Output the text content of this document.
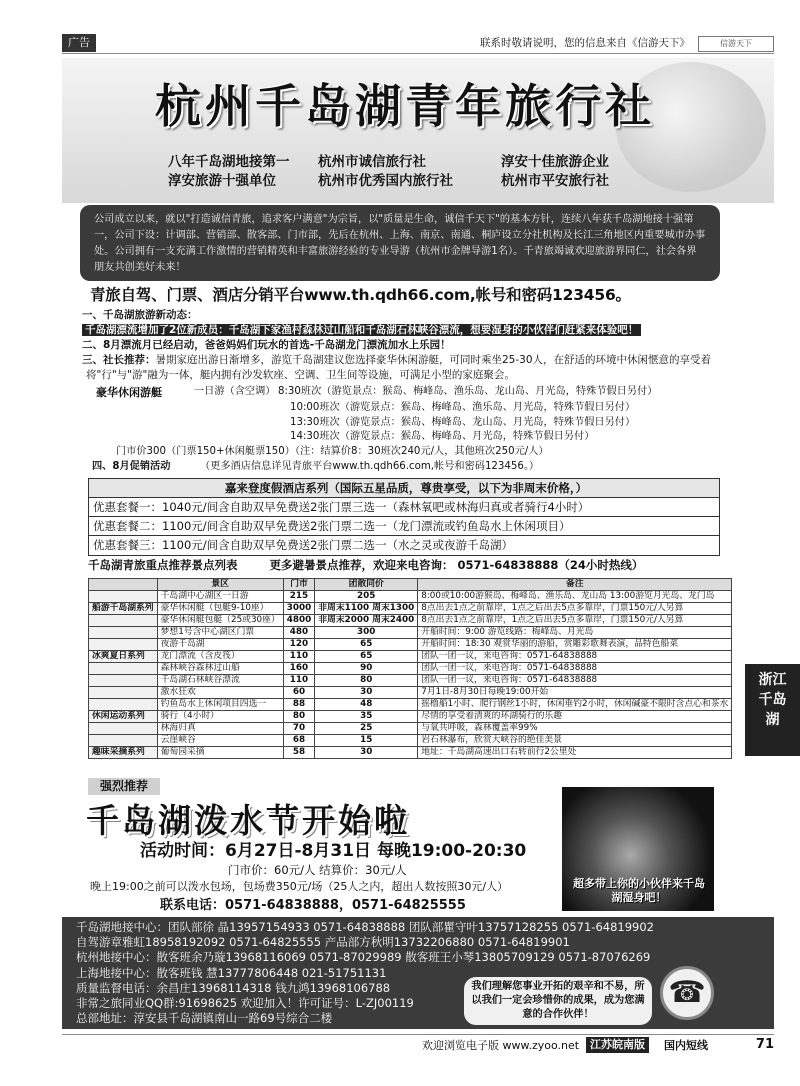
广告	联系时敬请说明，您的信息来自《信游天下》	信游天下
杭州千岛湖青年旅行社
八年千岛湖地接第一 杭州市诚信旅行社	淳安十佳旅游企业
淳安旅游十强单位	杭州市优秀国内旅行社	杭州市平安旅行社
公司成立以来，就以"打造诚信青旅，追求客户满意"为宗旨，以"质量是生命，诚信千天下"的基本方针，连续八年获千岛湖地接十强第一，公司下设：计调部、营销部、散客部、门市部，先后在杭州、上海、南京、南通、桐庐设立分社机构及长江三角地区内重要城市办事处。公司拥有一支充满工作激情的营销精英和丰富旅游经验的专业导游（杭州市金牌导游1名）。千青旅竭诚欢迎旅游界同仁，社会各界朋友共创美好未来！
青旅自驾、门票、酒店分销平台www.th.qdh66.com,帐号和密码123456。
一、千岛湖旅游新动态：
千岛湖漂流增加了2位新成员：千岛湖下家渔村森林过山船和千岛湖石林峡谷漂流，想要湿身的小伙伴们赶紧来体验吧！
二、8月漂流月已经启动，爸爸妈妈们玩水的首选-千岛湖龙门漂流加水上乐园！
三、社长推荐：暑期家庭出游日渐增多，游览千岛湖建议您选择豪华休闲游艇，可同时乘坐25-30人，在舒适的环境中休闲惬意的享受着
将"行"与"游"融为一体，艇内拥有沙发软座、空调、卫生间等设施，可满足小型的家庭聚会。
豪华休闲游艇	一日游（含空调） 8:30班次（游览景点：猴岛、梅峰岛、渔乐岛、龙山岛、月光岛，特殊节假日另付）
10:00班次（游览景点：猴岛、梅峰岛、渔乐岛、月光岛，特殊节假日另付）
13:30班次（游览景点：猴岛、梅峰岛、龙山岛、月光岛，特殊节假日另付）
14:30班次（游览景点：猴岛、梅峰岛、月光岛，特殊节假日另付）
门市价300（门票150+休闲艇票150）（注：结算价8：30班次240元/人，其他班次250元/人）
四、8月促销活动	（更多酒店信息详见青旅平台www.th.qdh66.com,帐号和密码123456。）
嘉来登度假酒店系列（国际五星品质，尊贵享受，以下为非周末价格，）
优惠套餐一：1040元/间含自助双早免费送2张门票三选一（森林氧吧或林海归真或者骑行4小时）
优惠套餐二：1100元/间含自助双早免费送2张门票二选一（龙门漂流或钓鱼岛水上休闲项目）
优惠套餐三：1100元/间含自助双早免费送2张门票二选一（水之灵或夜游千岛湖）
千岛湖青旅重点推荐景点列表	更多避暑景点推荐，欢迎来电咨询： 0571-64838888（24小时热线）
	景区	门市	团散同价	备注
	千岛湖中心湖区一日游	215	205	8:00或10:00游猴岛、梅峰岛、渔乐岛、龙山岛 13:00游览月光岛、龙门岛
船游千岛湖系列	豪华休闲艇（包艇9-10座）	3000	非周末1100 周末1300	8点出去1点之前靠岸，1点之后出去5点多靠岸，门票150元/人另算
	豪华休闲艇包艇（25或30座）	4800	非周末2000 周末2400	8点出去1点之前靠岸，1点之后出去5点多靠岸，门票150元/人另算
	梦想1号含中心湖区门票	480	300	开船时间：9:00 游览线路：梅峰岛、月光岛
	夜游千岛湖	120	65	开船时间：18:30 观赏华丽的游船，赏雕彩歌舞表演，品特色船菜
冰爽夏日系列	龙门漂流（含皮筏）	110	65	团队一团一议，来电咨询：0571-64838888
	森林峡谷森林过山船	160	90	团队一团一议，来电咨询：0571-64838888
	千岛湖石林峡谷漂流	110	80	团队一团一议，来电咨询：0571-64838888
	激水狂欢	60	30	7月1日-8月30日每晚19:00开始
	钓鱼岛水上休闲项目四选一	88	48	摇橹船1小时、爬行钢丝1小时，休闲垂钓2小时，休闲碱豪不限时含点心和茶水
休闲运动系列	骑行（4小时）	80	35	尽情的享受着清爽的环湖骑行的乐趣
	林海归真	70	25	与氧共呼吸，森林覆盖率99%
	云崖峡谷	68	15	岩石林瀑布，欣赏大峡谷的绝佳美景
趣味采摘系列	葡萄园采摘	58	30	地址：千岛湖高速出口右转前行2公里处
强烈推荐
千岛湖泼水节开始啦
活动时间：6月27日-8月31日 每晚19:00-20:30
门市价：60元/人 结算价：30元/人
晚上19:00之前可以泼水包场，包场费350元/场（25人之内，超出人数按照30元/人）
联系电话：0571-64838888，0571-64825555
超多带上你的小伙伴来千岛湖湿身吧！
千岛湖地接中心：团队部徐 晶13957154933 0571-64838888 团队部瞿守叶13757128255 0571-64819902
自驾游章雅虹18958192092 0571-64825555 产品部方秋明13732206880 0571-64819901
杭州地接中心：散客班余乃璇13968116069 0571-87029989 散客班王小琴13805709129 0571-87076269
上海地接中心：散客班钱 慧13777806448 021-51751131
质量监督电话：余昌庄13968114318 钱九鸿13968106788
非常之旅同业QQ群:91698625 欢迎加入！许可证号：L-ZJ00119
总部地址：淳安县千岛湖镇南山一路69号综合二楼
我们理解您事业开拓的艰辛和不易，所以我们一定会珍惜你的成果，成为您满意的合作伙伴！
☎
欢迎浏览电子版 www.zyoo.net 江苏皖南版	国内短线	71
浙江
千岛
湖
